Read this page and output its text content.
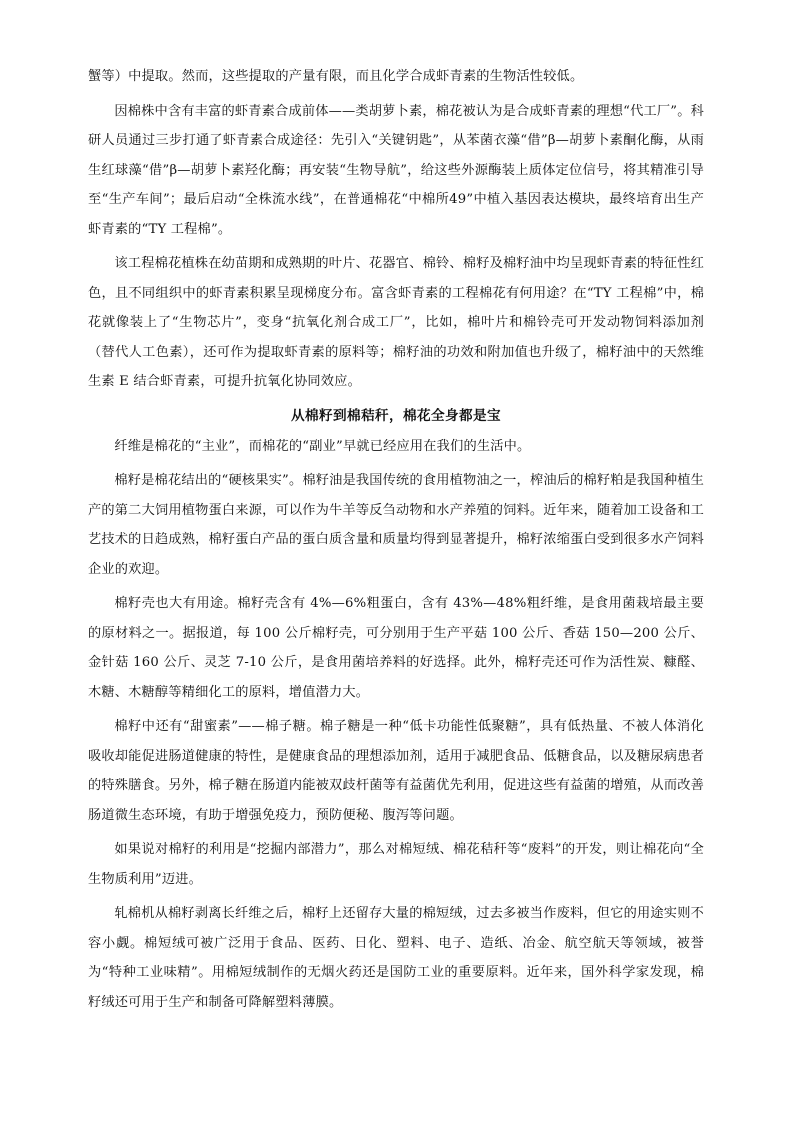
蟹等）中提取。然而，这些提取的产量有限，而且化学合成虾青素的生物活性较低。

因棉株中含有丰富的虾青素合成前体——类胡萝卜素，棉花被认为是合成虾青素的理想“代工厂”。科研人员通过三步打通了虾青素合成途径：先引入“关键钥匙”，从苯菌衣藻“借”β—胡萝卜素酮化酶，从雨生红球藻“借”β—胡萝卜素羟化酶；再安装“生物导航”，给这些外源酶装上质体定位信号，将其精准引导至“生产车间”；最后启动“全株流水线”，在普通棉花“中棉所49”中植入基因表达模块，最终培育出生产虾青素的“TY 工程棉”。

该工程棉花植株在幼苗期和成熟期的叶片、花器官、棉铃、棉籽及棉籽油中均呈现虾青素的特征性红色，且不同组织中的虾青素积累呈现梯度分布。富含虾青素的工程棉花有何用途？在“TY 工程棉”中，棉花就像装上了“生物芯片”，变身“抗氧化剂合成工厂”，比如，棉叶片和棉铃壳可开发动物饲料添加剂（替代人工色素），还可作为提取虾青素的原料等；棉籽油的功效和附加值也升级了，棉籽油中的天然维生素 E 结合虾青素，可提升抗氧化协同效应。

从棉籽到棉秸秆，棉花全身都是宝

纤维是棉花的“主业”，而棉花的“副业”早就已经应用在我们的生活中。

棉籽是棉花结出的“硬核果实”。棉籽油是我国传统的食用植物油之一，榨油后的棉籽粕是我国种植生产的第二大饲用植物蛋白来源，可以作为牛羊等反刍动物和水产养殖的饲料。近年来，随着加工设备和工艺技术的日趋成熟，棉籽蛋白产品的蛋白质含量和质量均得到显著提升，棉籽浓缩蛋白受到很多水产饲料企业的欢迎。

棉籽壳也大有用途。棉籽壳含有 4%—6%粗蛋白，含有 43%—48%粗纤维，是食用菌栽培最主要的原材料之一。据报道，每 100 公斤棉籽壳，可分别用于生产平菇 100 公斤、香菇 150—200 公斤、金针菇 160 公斤、灵芝 7-10 公斤，是食用菌培养料的好选择。此外，棉籽壳还可作为活性炭、糠醛、木糖、木糖醇等精细化工的原料，增值潜力大。

棉籽中还有“甜蜜素”——棉子糖。棉子糖是一种“低卡功能性低聚糖”，具有低热量、不被人体消化吸收却能促进肠道健康的特性，是健康食品的理想添加剂，适用于减肥食品、低糖食品，以及糖尿病患者的特殊膳食。另外，棉子糖在肠道内能被双歧杆菌等有益菌优先利用，促进这些有益菌的增殖，从而改善肠道微生态环境，有助于增强免疫力，预防便秘、腹泻等问题。

如果说对棉籽的利用是“挖掘内部潜力”，那么对棉短绒、棉花秸秆等“废料”的开发，则让棉花向“全生物质利用”迈进。

轧棉机从棉籽剥离长纤维之后，棉籽上还留存大量的棉短绒，过去多被当作废料，但它的用途实则不容小觑。棉短绒可被广泛用于食品、医药、日化、塑料、电子、造纸、冶金、航空航天等领域，被誉为“特种工业味精”。用棉短绒制作的无烟火药还是国防工业的重要原料。近年来，国外科学家发现，棉籽绒还可用于生产和制备可降解塑料薄膜。
